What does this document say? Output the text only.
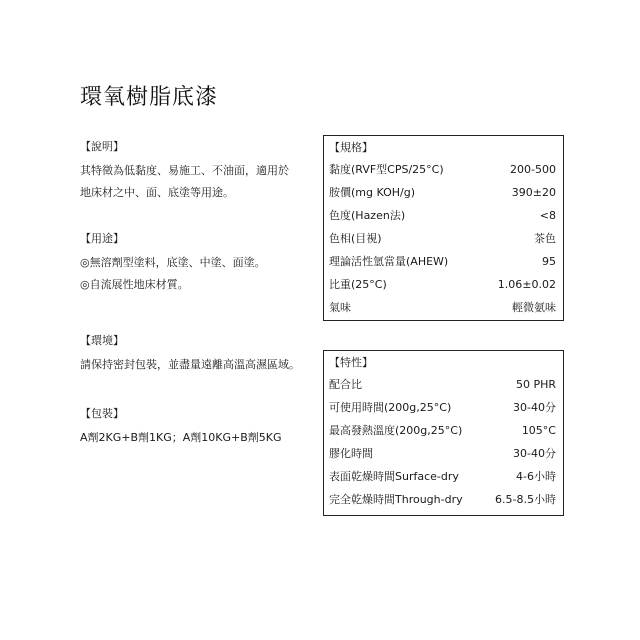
環氧樹脂底漆
【說明】
其特徵為低黏度、易施工、不油面，適用於
地床材之中、面、底塗等用途。
【用途】
◎無溶劑型塗料，底塗、中塗、面塗。
◎自流展性地床材質。
【環境】
請保持密封包裝，並盡量遠離高溫高濕區域。
【包裝】
A劑2KG+B劑1KG；A劑10KG+B劑5KG
【規格】
黏度(RVF型CPS/25°C)	200-500
胺價(mg KOH/g)	390±20
色度(Hazen法)	<8
色相(目視)	茶色
理論活性氫當量(AHEW)	95
比重(25°C)	1.06±0.02
氣味	輕微氨味
【特性】
配合比	50 PHR
可使用時間(200g,25°C)	30-40分
最高發熱溫度(200g,25°C)	105°C
膠化時間	30-40分
表面乾燥時間Surface-dry	4-6小時
完全乾燥時間Through-dry	6.5-8.5小時
